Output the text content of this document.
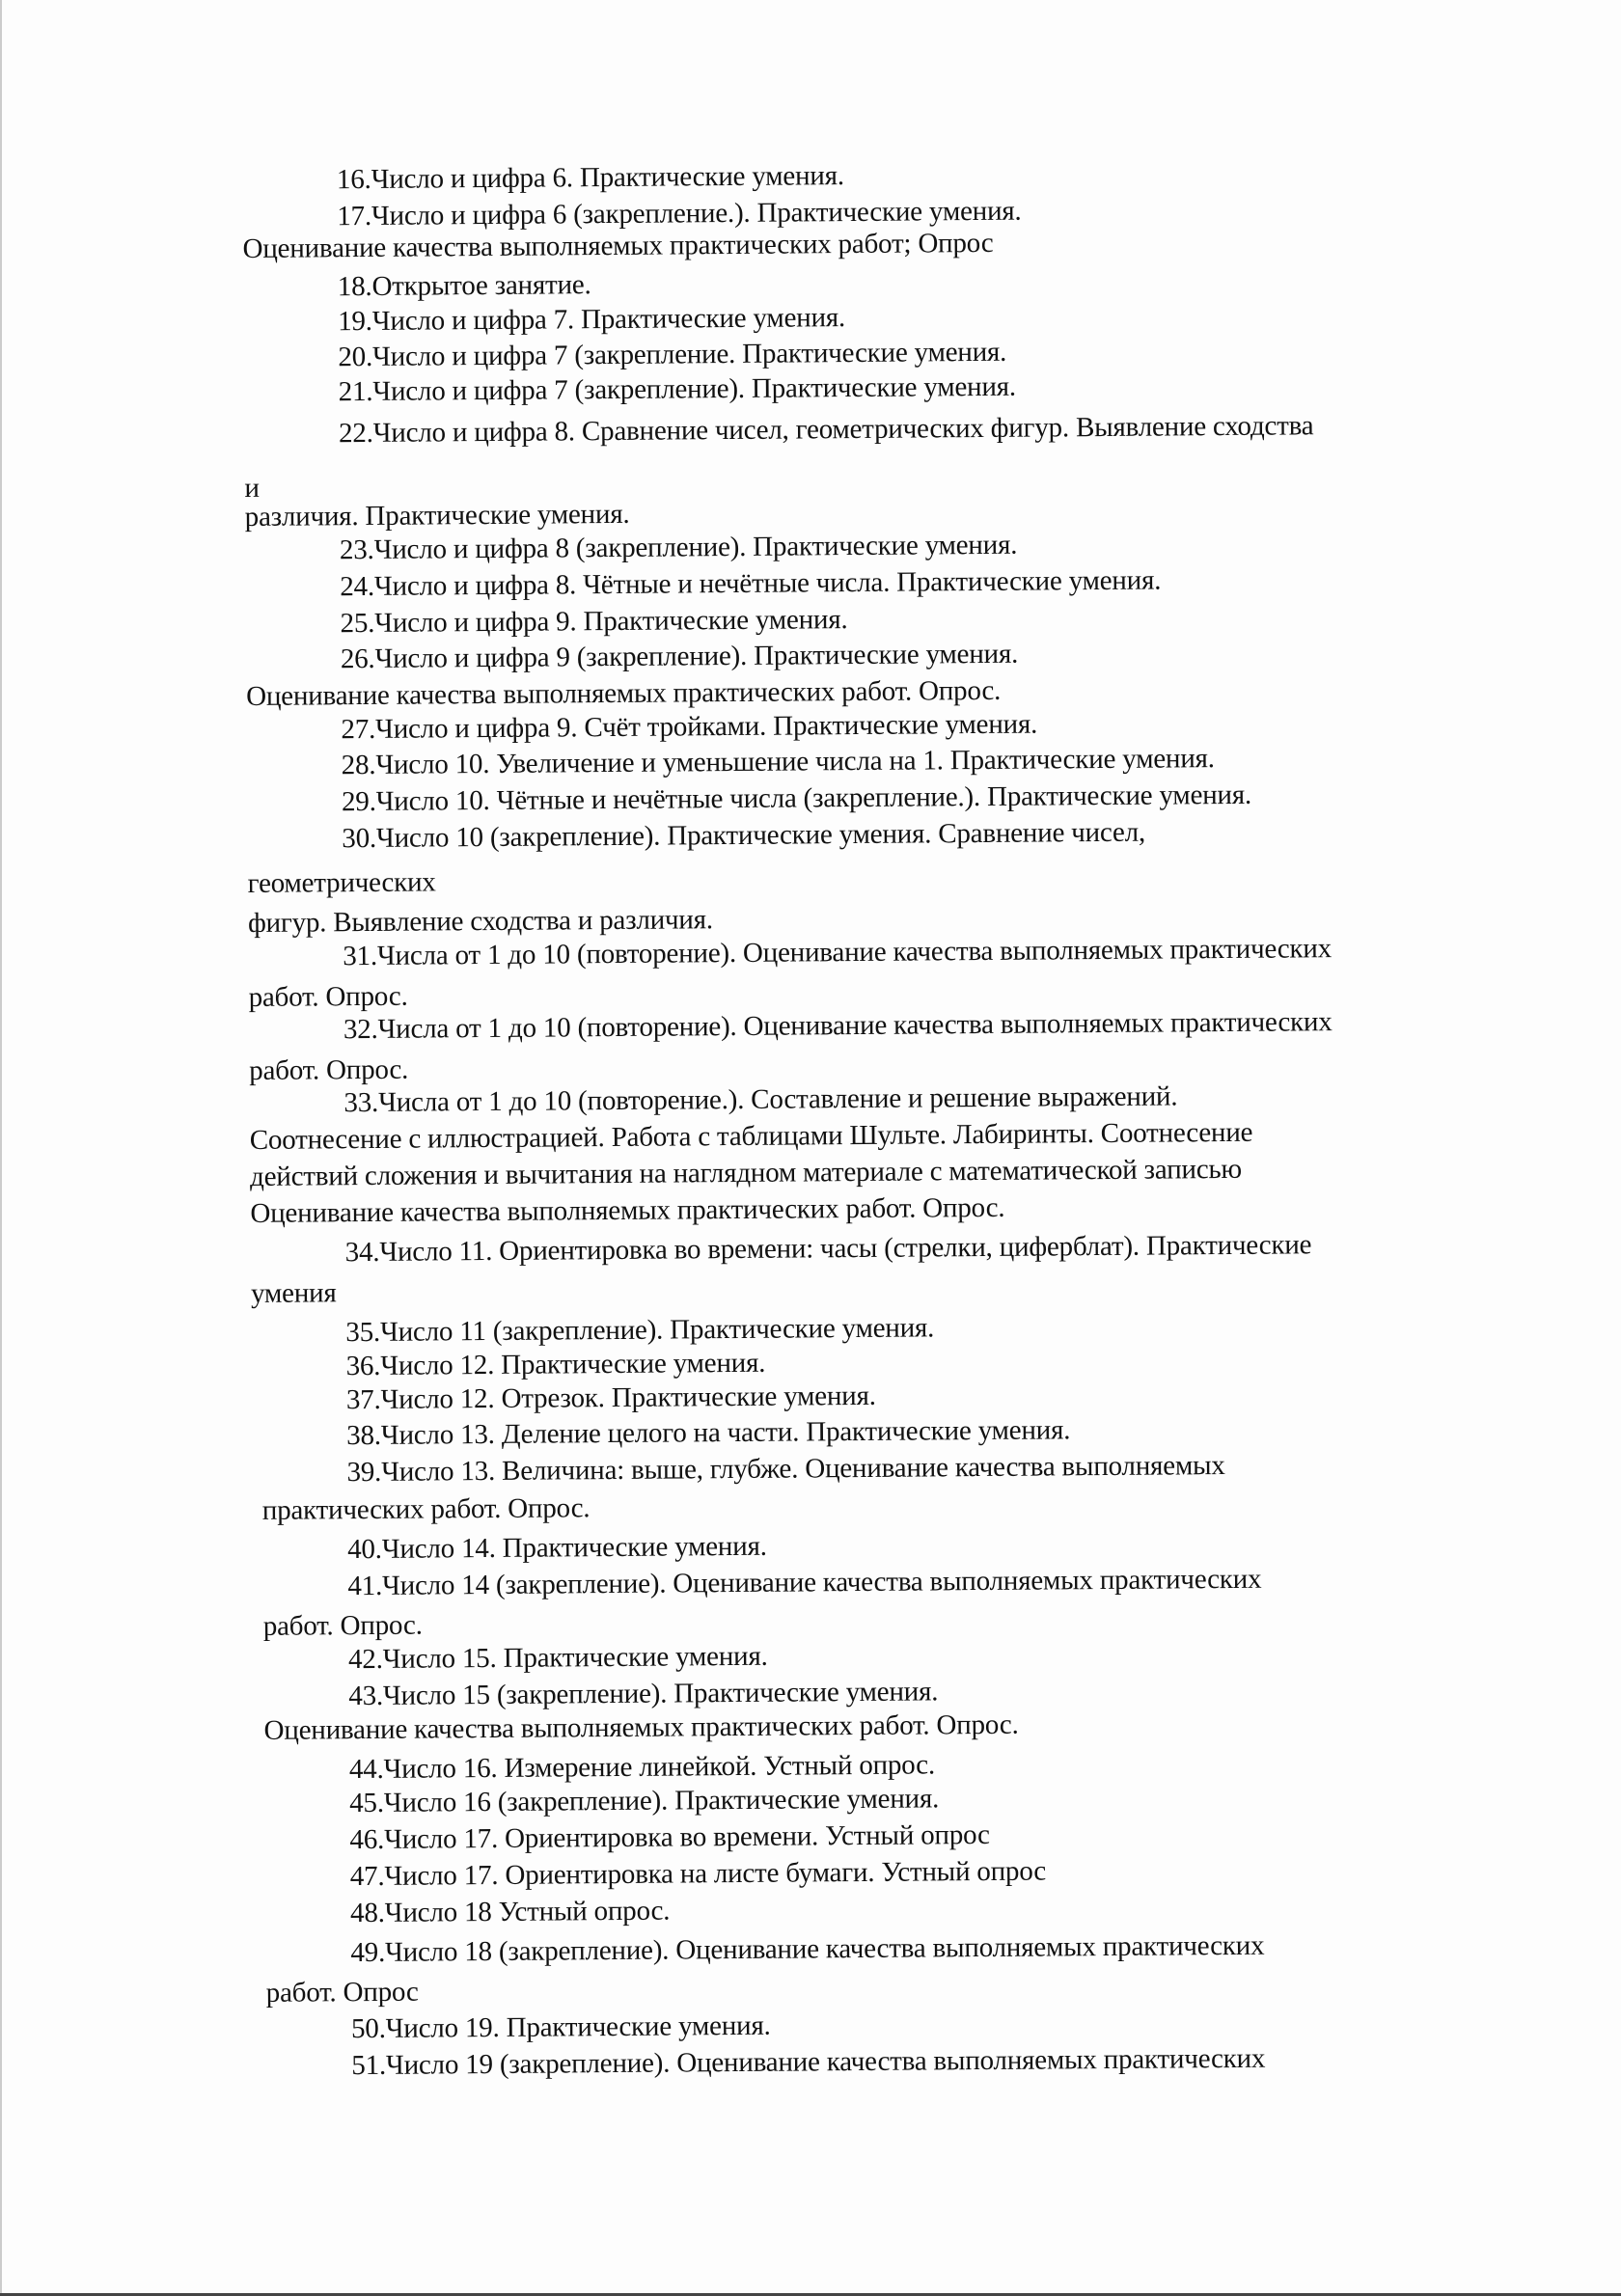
16.Число и цифра 6. Практические умения.
17.Число и цифра 6 (закрепление.). Практические умения.
Оценивание качества выполняемых практических работ; Опрос
18.Открытое занятие.
19.Число и цифра 7. Практические умения.
20.Число и цифра 7 (закрепление. Практические умения.
21.Число и цифра 7 (закрепление). Практические умения.
22.Число и цифра 8. Сравнение чисел, геометрических фигур. Выявление сходства
и
различия. Практические умения.
23.Число и цифра 8 (закрепление). Практические умения.
24.Число и цифра 8. Чётные и нечётные числа. Практические умения.
25.Число и цифра 9. Практические умения.
26.Число и цифра 9 (закрепление). Практические умения.
Оценивание качества выполняемых практических работ. Опрос.
27.Число и цифра 9. Счёт тройками. Практические умения.
28.Число 10. Увеличение и уменьшение числа на 1. Практические умения.
29.Число 10. Чётные и нечётные числа (закрепление.). Практические умения.
30.Число 10 (закрепление). Практические умения. Сравнение чисел,
геометрических
фигур. Выявление сходства и различия.
31.Числа от 1 до 10 (повторение). Оценивание качества выполняемых практических
работ. Опрос.
32.Числа от 1 до 10 (повторение). Оценивание качества выполняемых практических
работ. Опрос.
33.Числа от 1 до 10 (повторение.). Составление и решение выражений.
Соотнесение с иллюстрацией. Работа с таблицами Шульте. Лабиринты. Соотнесение
действий сложения и вычитания на наглядном материале с математической записью
Оценивание качества выполняемых практических работ. Опрос.
34.Число 11. Ориентировка во времени: часы (стрелки, циферблат). Практические
умения
35.Число 11 (закрепление). Практические умения.
36.Число 12. Практические умения.
37.Число 12. Отрезок. Практические умения.
38.Число 13. Деление целого на части. Практические умения.
39.Число 13. Величина: выше, глубже. Оценивание качества выполняемых
практических работ. Опрос.
40.Число 14. Практические умения.
41.Число 14 (закрепление). Оценивание качества выполняемых практических
работ. Опрос.
42.Число 15. Практические умения.
43.Число 15 (закрепление). Практические умения.
Оценивание качества выполняемых практических работ. Опрос.
44.Число 16. Измерение линейкой. Устный опрос.
45.Число 16 (закрепление). Практические умения.
46.Число 17. Ориентировка во времени. Устный опрос
47.Число 17. Ориентировка на листе бумаги. Устный опрос
48.Число 18 Устный опрос.
49.Число 18 (закрепление). Оценивание качества выполняемых практических
работ. Опрос
50.Число 19. Практические умения.
51.Число 19 (закрепление). Оценивание качества выполняемых практических
